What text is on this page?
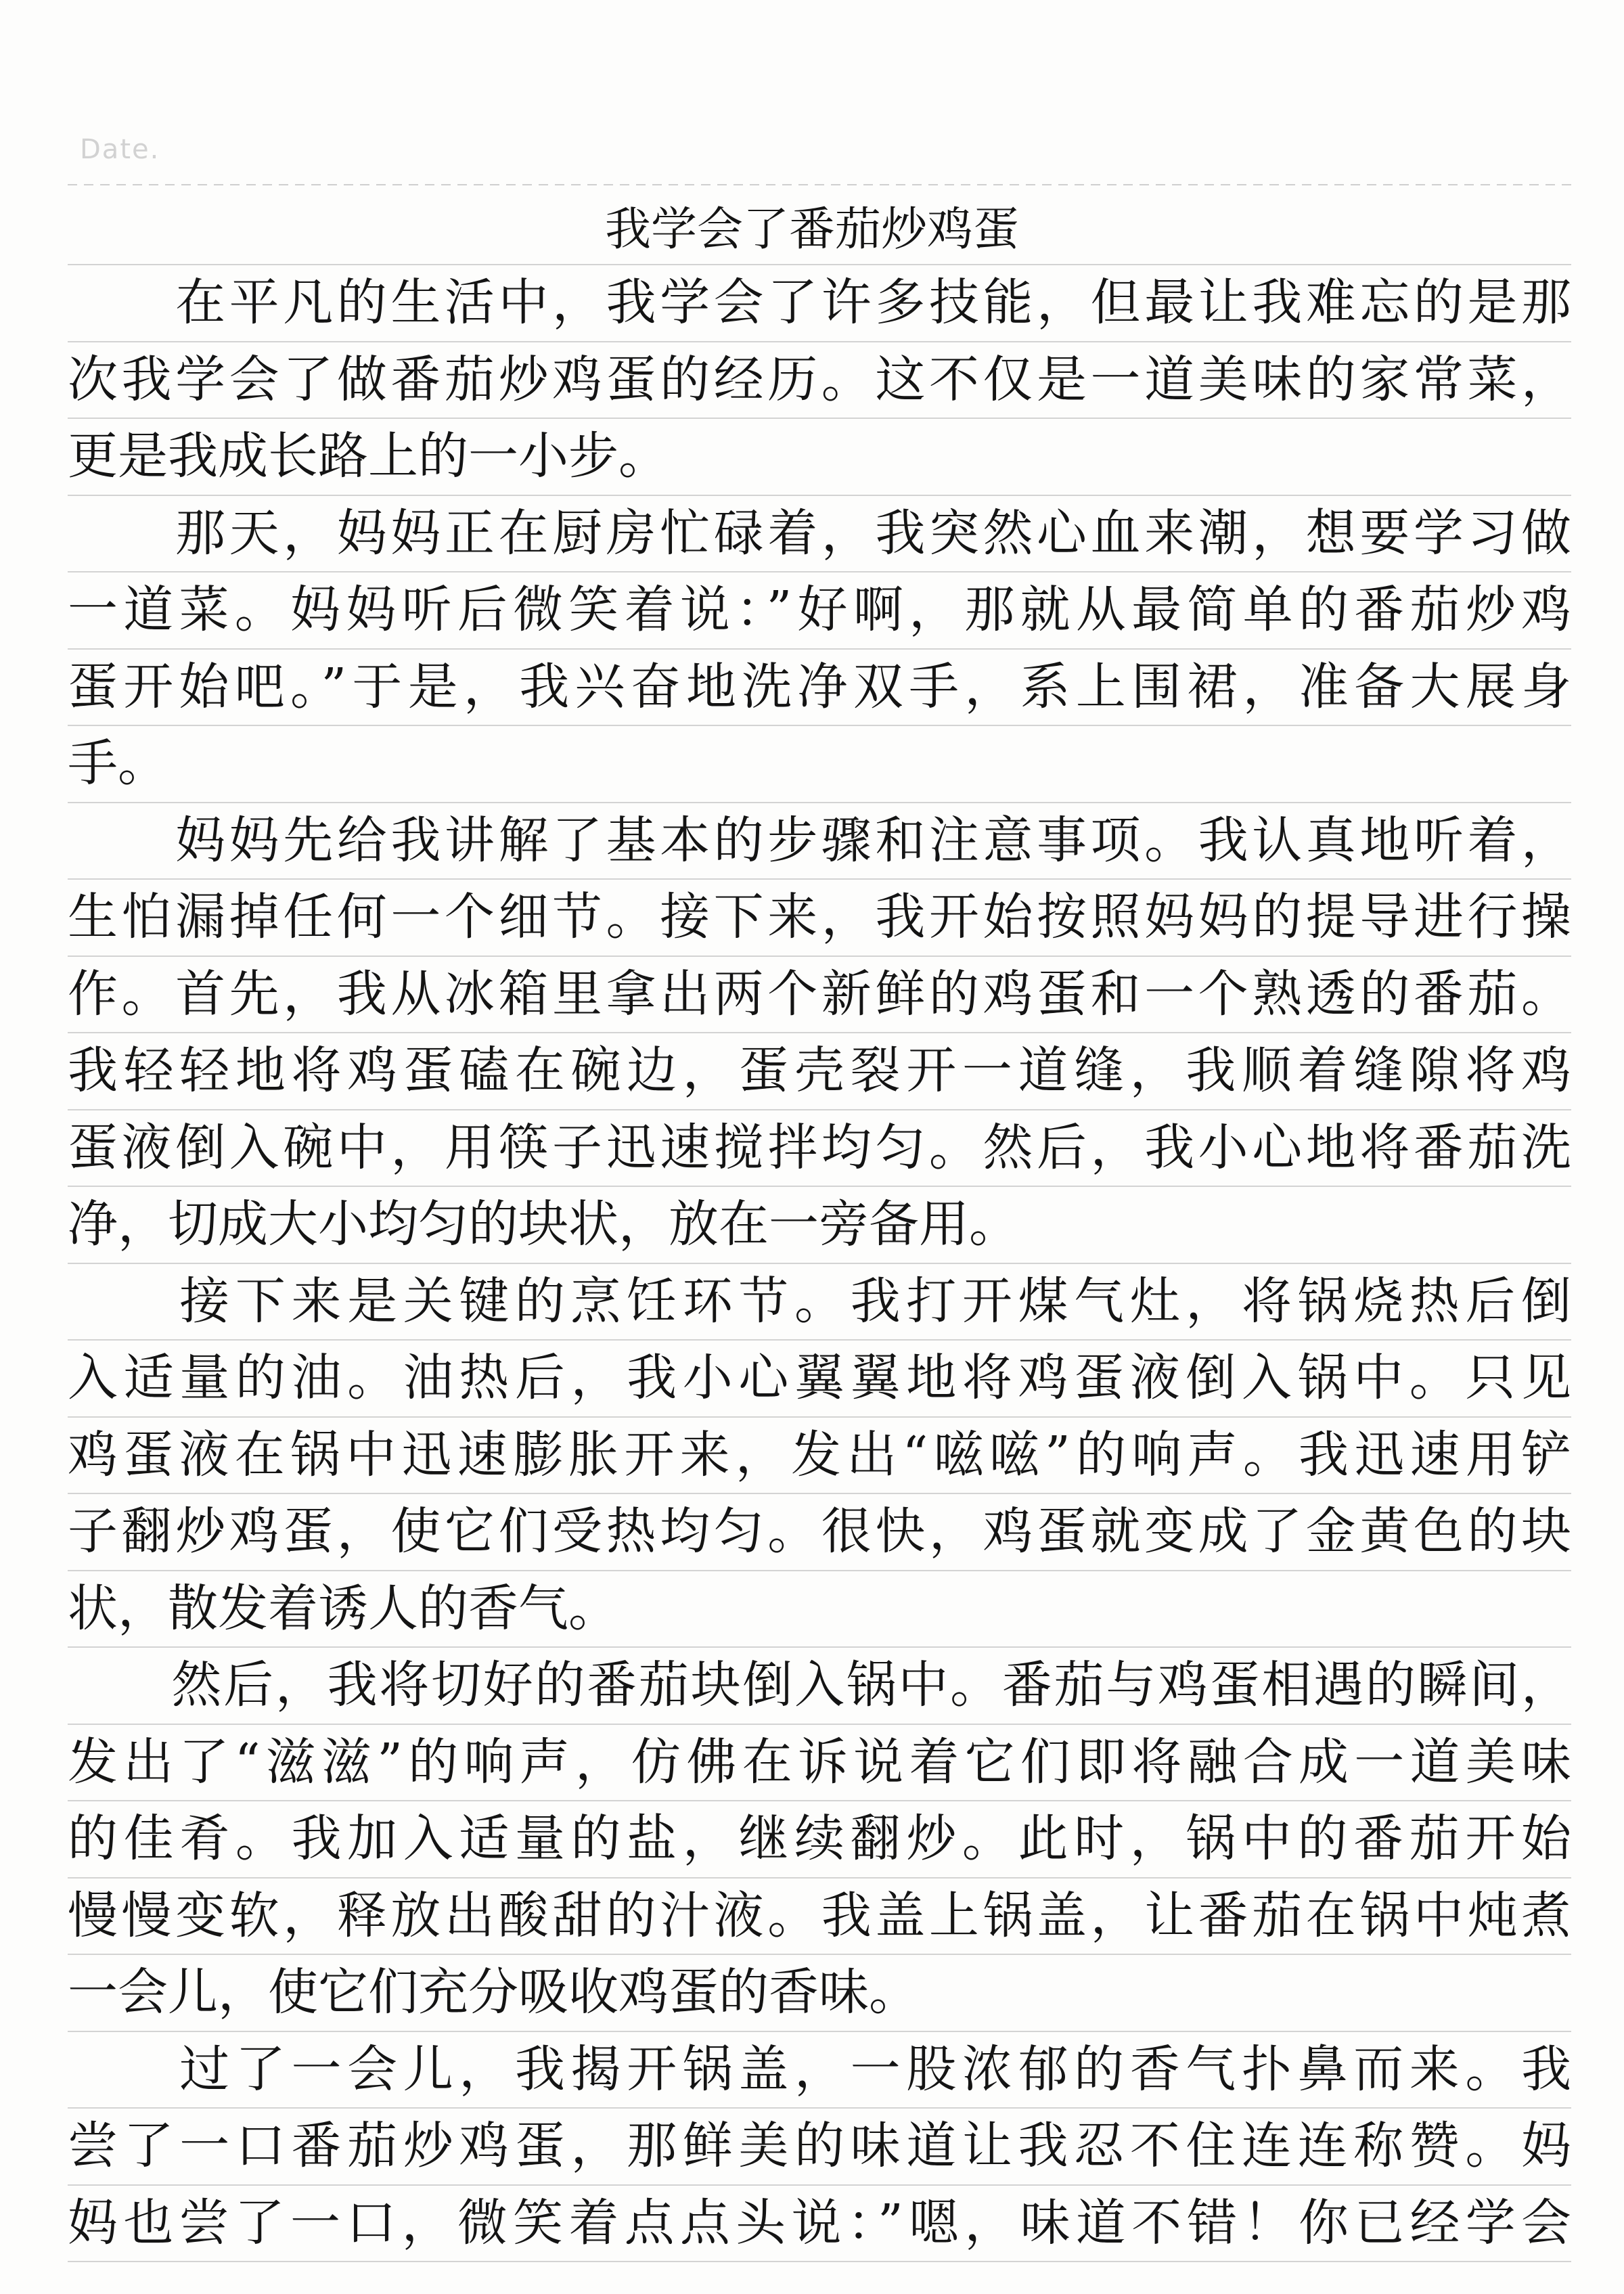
Date.
我学会了番茄炒鸡蛋
　　在平凡的生活中，我学会了许多技能，但最让我难忘的是那
次我学会了做番茄炒鸡蛋的经历。这不仅是一道美味的家常菜，
更是我成长路上的一小步。
　　那天，妈妈正在厨房忙碌着，我突然心血来潮，想要学习做
一道菜。妈妈听后微笑着说：”好啊，那就从最简单的番茄炒鸡
蛋开始吧。”于是，我兴奋地洗净双手，系上围裙，准备大展身
手。
　　妈妈先给我讲解了基本的步骤和注意事项。我认真地听着，
生怕漏掉任何一个细节。接下来，我开始按照妈妈的提导进行操
作。首先，我从冰箱里拿出两个新鲜的鸡蛋和一个熟透的番茄。
我轻轻地将鸡蛋磕在碗边，蛋壳裂开一道缝，我顺着缝隙将鸡
蛋液倒入碗中，用筷子迅速搅拌均匀。然后，我小心地将番茄洗
净，切成大小均匀的块状，放在一旁备用。
　　接下来是关键的烹饪环节。我打开煤气灶，将锅烧热后倒
入适量的油。油热后，我小心翼翼地将鸡蛋液倒入锅中。只见
鸡蛋液在锅中迅速膨胀开来，发出“嗞嗞”的响声。我迅速用铲
子翻炒鸡蛋，使它们受热均匀。很快，鸡蛋就变成了金黄色的块
状，散发着诱人的香气。
　　然后，我将切好的番茄块倒入锅中。番茄与鸡蛋相遇的瞬间，
发出了“滋滋”的响声，仿佛在诉说着它们即将融合成一道美味
的佳肴。我加入适量的盐，继续翻炒。此时，锅中的番茄开始
慢慢变软，释放出酸甜的汁液。我盖上锅盖，让番茄在锅中炖煮
一会儿，使它们充分吸收鸡蛋的香味。
　　过了一会儿，我揭开锅盖，一股浓郁的香气扑鼻而来。我
尝了一口番茄炒鸡蛋，那鲜美的味道让我忍不住连连称赞。妈
妈也尝了一口，微笑着点点头说：”嗯，味道不错！你已经学会
